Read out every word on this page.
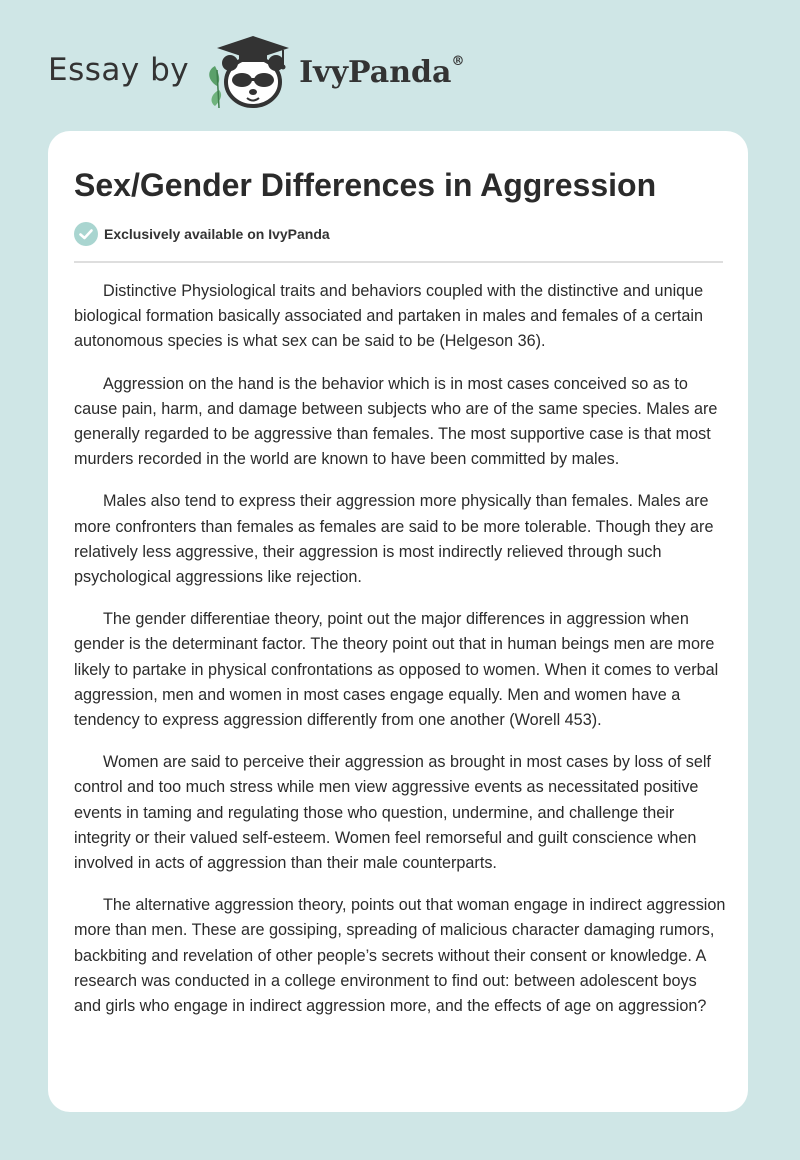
Essay by	IvyPanda®
Sex/Gender Differences in Aggression
Exclusively available on IvyPanda

Distinctive Physiological traits and behaviors coupled with the distinctive and unique biological formation basically associated and partaken in males and females of a certain autonomous species is what sex can be said to be (Helgeson 36).

Aggression on the hand is the behavior which is in most cases conceived so as to cause pain, harm, and damage between subjects who are of the same species. Males are generally regarded to be aggressive than females. The most supportive case is that most murders recorded in the world are known to have been committed by males.

Males also tend to express their aggression more physically than females. Males are more confronters than females as females are said to be more tolerable. Though they are relatively less aggressive, their aggression is most indirectly relieved through such psychological aggressions like rejection.

The gender differentiae theory, point out the major differences in aggression when gender is the determinant factor. The theory point out that in human beings men are more likely to partake in physical confrontations as opposed to women. When it comes to verbal aggression, men and women in most cases engage equally. Men and women have a tendency to express aggression differently from one another (Worell 453).

Women are said to perceive their aggression as brought in most cases by loss of self control and too much stress while men view aggressive events as necessitated positive events in taming and regulating those who question, undermine, and challenge their integrity or their valued self-esteem. Women feel remorseful and guilt conscience when involved in acts of aggression than their male counterparts.

The alternative aggression theory, points out that woman engage in indirect aggression more than men. These are gossiping, spreading of malicious character damaging rumors, backbiting and revelation of other people’s secrets without their consent or knowledge. A research was conducted in a college environment to find out: between adolescent boys and girls who engage in indirect aggression more, and the effects of age on aggression?
